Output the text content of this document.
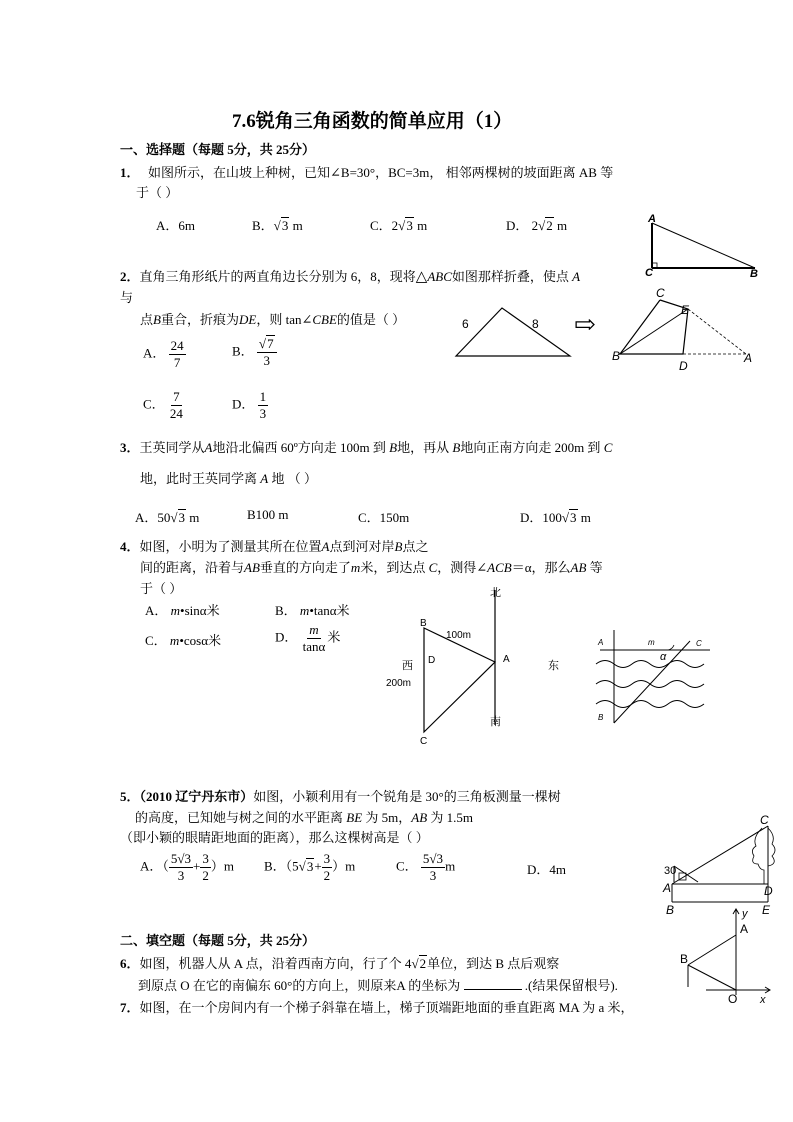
7.6锐角三角函数的简单应用（1）
一、选择题（每题 5分，共 25分）
1． 如图所示，在山坡上种树，已知∠B=30°，BC=3m， 相邻两棵树的坡面距离 AB 等
于（ ）
A．6m	B．√3 m	C．2√3 m	D． 2√2 m	A
C	B
2．直角三角形纸片的两直角边长分别为 6，8，现将△ABC如图那样折叠，使点 A
与
点B重合，折痕为DE，则 tan∠CBE的值是（ ）
A． $\frac{24}{7}$	B． $\frac{√7}{3}$
C． $\frac{7}{24}$	D． $\frac{1}{3}$
6	8 ⇨
C
E
B
D
A
3．王英同学从A地沿北偏西 60º方向走 100m 到 B地，再从 B地向正南方向走 200m 到 C
地，此时王英同学离 A 地 （ ）
A．50√3 m	B100 m	C．150m	D．100√3 m
4．如图，小明为了测量其所在位置A点到河对岸B点之
间的距离，沿着与AB垂直的方向走了m米，到达点 C，测得∠ACB＝α，那么AB 等
于（ ）
A． m•sinα米	B． m•tanα米
C． m•cosα米	D． $\frac{m}{\tan\alpha}$ 米
北
南
西	东
B
A
C
D
100m
200m
A	m	C
α
B
5．（2010 辽宁丹东市）如图，小颖利用有一个锐角是 30°的三角板测量一棵树
的高度，已知她与树之间的水平距离 BE 为 5m，AB 为 1.5m
（即小颖的眼睛距地面的距离），那么这棵树高是（ ）
A．（ $\frac{5√3}{3} + \frac{3}{2} )m$ B．$(5√3+ \frac{3}{2} )m$	C． $\frac{5√3}{3}$ m	D．4m
C
30
A	D
B	E
二、填空题（每题 5分，共 25分）
6．如图，机器人从 A 点，沿着西南方向，行了个 4√2单位，到达 B 点后观察
到原点 O 在它的南偏东 60°的方向上，则原来A 的坐标为	.(结果保留根号).
y
A
B
O x
7．如图，在一个房间内有一个梯子斜靠在墙上，梯子顶端距地面的垂直距离 MA 为 a 米，
